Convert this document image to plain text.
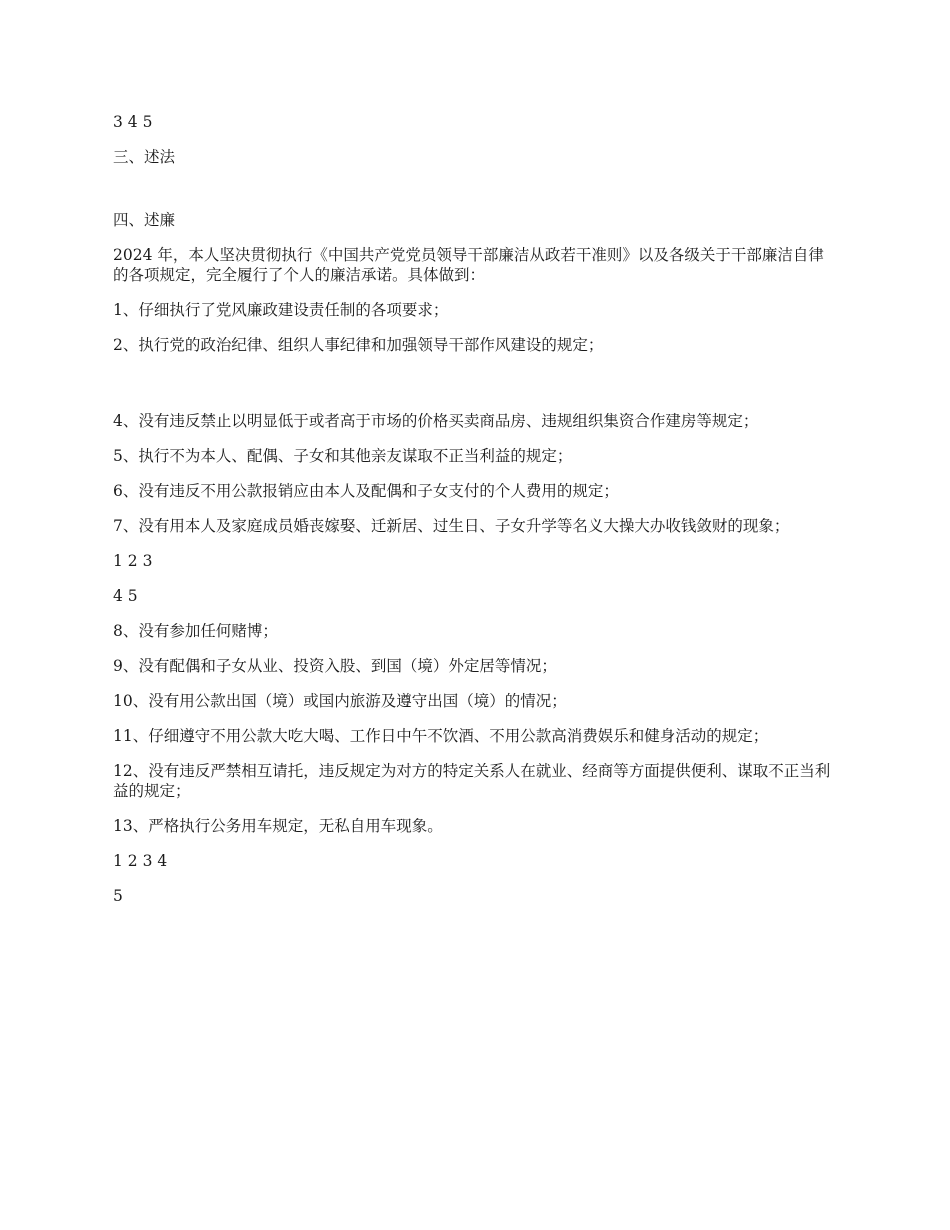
3 4 5

三、述法

四、述廉

2024 年，本人坚决贯彻执行《中国共产党党员领导干部廉洁从政若干准则》以及各级关于干部廉洁自律的各项规定，完全履行了个人的廉洁承诺。具体做到：

1、仔细执行了党风廉政建设责任制的各项要求；

2、执行党的政治纪律、组织人事纪律和加强领导干部作风建设的规定；

4、没有违反禁止以明显低于或者高于市场的价格买卖商品房、违规组织集资合作建房等规定；

5、执行不为本人、配偶、子女和其他亲友谋取不正当利益的规定；

6、没有违反不用公款报销应由本人及配偶和子女支付的个人费用的规定；

7、没有用本人及家庭成员婚丧嫁娶、迁新居、过生日、子女升学等名义大操大办收钱敛财的现象；

1 2 3

4 5

8、没有参加任何赌博；

9、没有配偶和子女从业、投资入股、到国（境）外定居等情况；

10、没有用公款出国（境）或国内旅游及遵守出国（境）的情况；

11、仔细遵守不用公款大吃大喝、工作日中午不饮酒、不用公款高消费娱乐和健身活动的规定；

12、没有违反严禁相互请托，违反规定为对方的特定关系人在就业、经商等方面提供便利、谋取不正当利益的规定；

13、严格执行公务用车规定，无私自用车现象。

1 2 3 4

5
